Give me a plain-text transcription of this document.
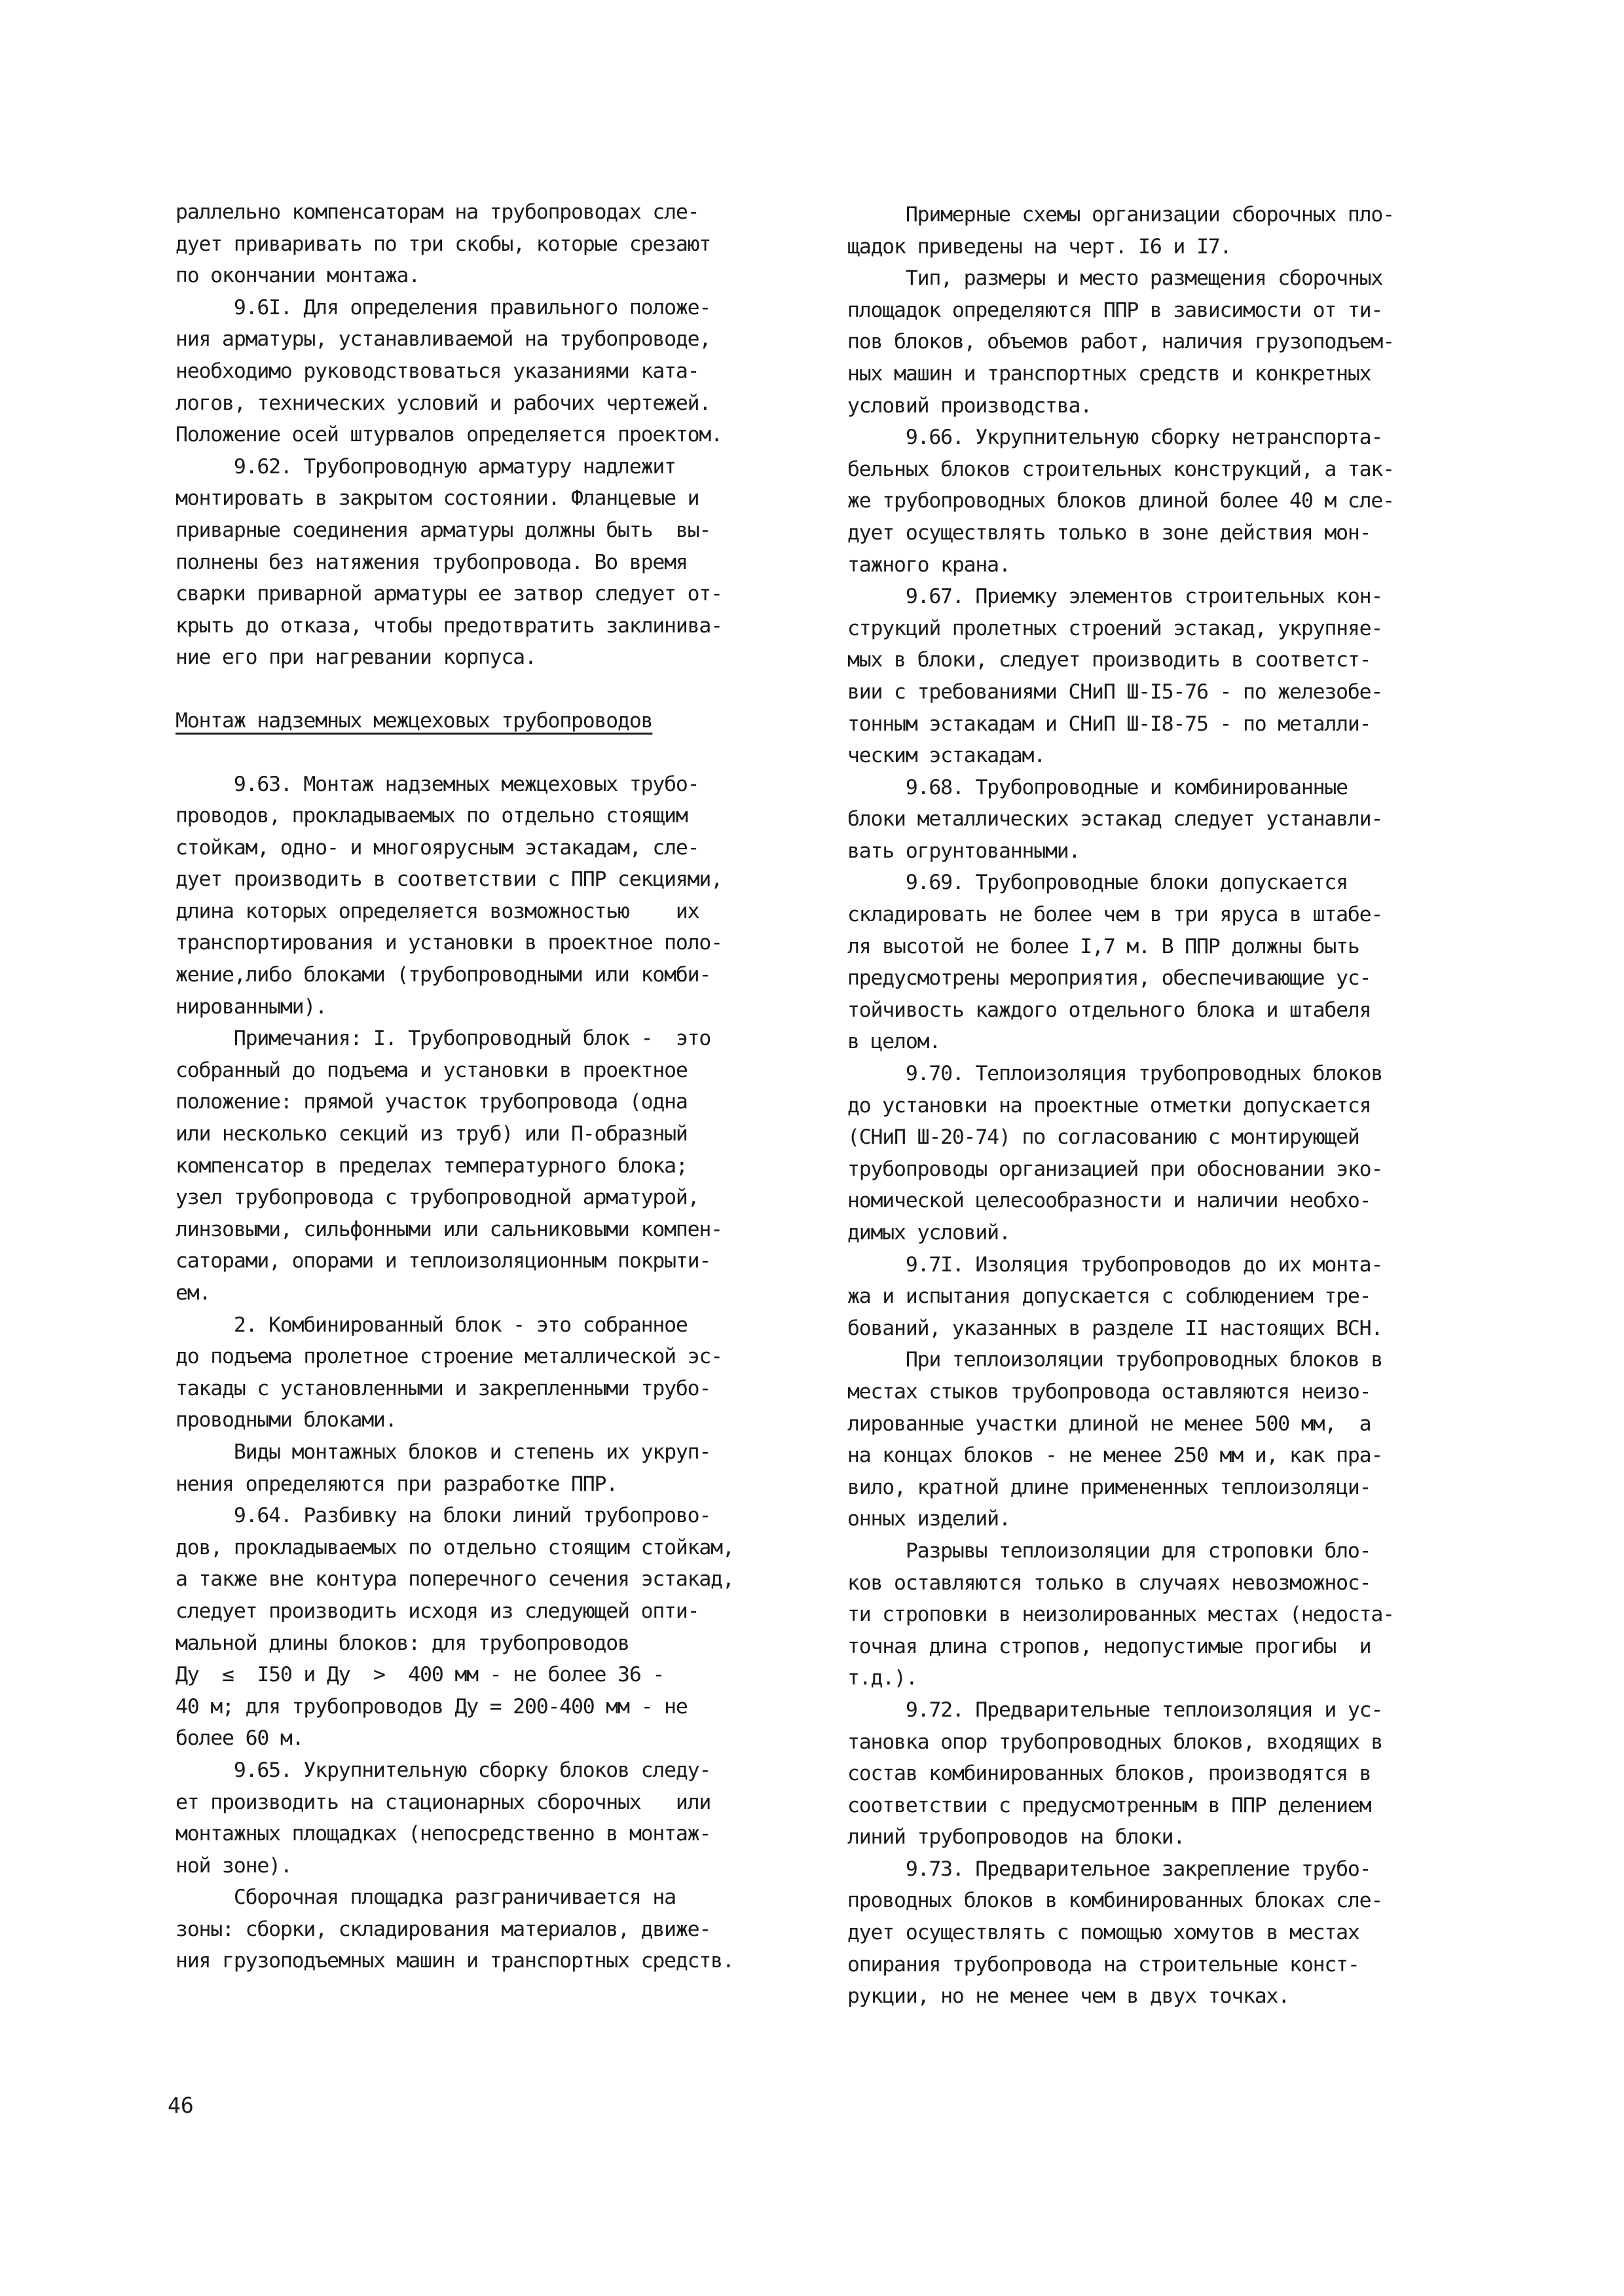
раллельно компенсаторам на трубопроводах сле-
дует приваривать по три скобы, которые срезают
по окончании монтажа.
9.6I. Для определения правильного положе-
ния арматуры, устанавливаемой на трубопроводе,
необходимо руководствоваться указаниями ката-
логов, технических условий и рабочих чертежей.
Положение осей штурвалов определяется проектом.
9.62. Трубопроводную арматуру надлежит
монтировать в закрытом состоянии. Фланцевые и
приварные соединения арматуры должны быть  вы-
полнены без натяжения трубопровода. Во время
сварки приварной арматуры ее затвор следует от-
крыть до отказа, чтобы предотвратить заклинива-
ние его при нагревании корпуса.
Монтаж надземных межцеховых трубопроводов
9.63. Монтаж надземных межцеховых трубо-
проводов, прокладываемых по отдельно стоящим
стойкам, одно- и многоярусным эстакадам, сле-
дует производить в соответствии с ППР секциями,
длина которых определяется возможностью    их
транспортирования и установки в проектное поло-
жение,либо блоками (трубопроводными или комби-
нированными).
Примечания: I. Трубопроводный блок -  это
собранный до подъема и установки в проектное
положение: прямой участок трубопровода (одна
или несколько секций из труб) или П-образный
компенсатор в пределах температурного блока;
узел трубопровода с трубопроводной арматурой,
линзовыми, сильфонными или сальниковыми компен-
саторами, опорами и теплоизоляционным покрыти-
ем.
2. Комбинированный блок - это собранное
до подъема пролетное строение металлической эс-
такады с установленными и закрепленными трубо-
проводными блоками.
Виды монтажных блоков и степень их укруп-
нения определяются при разработке ППР.
9.64. Разбивку на блоки линий трубопрово-
дов, прокладываемых по отдельно стоящим стойкам,
а также вне контура поперечного сечения эстакад,
следует производить исходя из следующей опти-
мальной длины блоков: для трубопроводов
Ду  ≤  I50 и Ду  >  400 мм - не более 36 -
40 м; для трубопроводов Ду = 200-400 мм - не
более 60 м.
9.65. Укрупнительную сборку блоков следу-
ет производить на стационарных сборочных   или
монтажных площадках (непосредственно в монтаж-
ной зоне).
Сборочная площадка разграничивается на
зоны: сборки, складирования материалов, движе-
ния грузоподъемных машин и транспортных средств.
Примерные схемы организации сборочных пло-
щадок приведены на черт. I6 и I7.
Тип, размеры и место размещения сборочных
площадок определяются ППР в зависимости от ти-
пов блоков, объемов работ, наличия грузоподъем-
ных машин и транспортных средств и конкретных
условий производства.
9.66. Укрупнительную сборку нетранспорта-
бельных блоков строительных конструкций, а так-
же трубопроводных блоков длиной более 40 м сле-
дует осуществлять только в зоне действия мон-
тажного крана.
9.67. Приемку элементов строительных кон-
струкций пролетных строений эстакад, укрупняе-
мых в блоки, следует производить в соответст-
вии с требованиями СНиП Ш-I5-76 - по железобе-
тонным эстакадам и СНиП Ш-I8-75 - по металли-
ческим эстакадам.
9.68. Трубопроводные и комбинированные
блоки металлических эстакад следует устанавли-
вать огрунтованными.
9.69. Трубопроводные блоки допускается
складировать не более чем в три яруса в штабе-
ля высотой не более I,7 м. В ППР должны быть
предусмотрены мероприятия, обеспечивающие ус-
тойчивость каждого отдельного блока и штабеля
в целом.
9.70. Теплоизоляция трубопроводных блоков
до установки на проектные отметки допускается
(СНиП Ш-20-74) по согласованию с монтирующей
трубопроводы организацией при обосновании эко-
номической целесообразности и наличии необхо-
димых условий.
9.7I. Изоляция трубопроводов до их монта-
жа и испытания допускается с соблюдением тре-
бований, указанных в разделе II настоящих ВСН.
При теплоизоляции трубопроводных блоков в
местах стыков трубопровода оставляются неизо-
лированные участки длиной не менее 500 мм,  а
на концах блоков - не менее 250 мм и, как пра-
вило, кратной длине примененных теплоизоляци-
онных изделий.
Разрывы теплоизоляции для строповки бло-
ков оставляются только в случаях невозможнос-
ти строповки в неизолированных местах (недоста-
точная длина стропов, недопустимые прогибы  и
т.д.).
9.72. Предварительные теплоизоляция и ус-
тановка опор трубопроводных блоков, входящих в
состав комбинированных блоков, производятся в
соответствии с предусмотренным в ППР делением
линий трубопроводов на блоки.
9.73. Предварительное закрепление трубо-
проводных блоков в комбинированных блоках сле-
дует осуществлять с помощью хомутов в местах
опирания трубопровода на строительные конст-
рукции, но не менее чем в двух точках.
46
